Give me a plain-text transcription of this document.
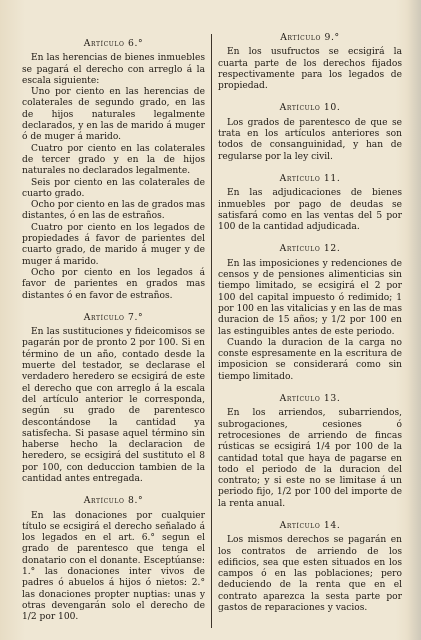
Artículo 6.°

En las herencias de bienes inmuebles se pagará el derecho con arreglo á la escala siguiente:

Uno por ciento en las herencias de colaterales de segundo grado, en las de hijos naturales legalmente declarados, y en las de marido á muger ó de muger á marido.

Cuatro por ciento en las colaterales de tercer grado y en la de hijos naturales no declarados legalmente.

Seis por ciento en las colaterales de cuarto grado.

Ocho por ciento en las de grados mas distantes, ó en las de estraños.

Cuatro por ciento en los legados de propiedades á favor de parientes del cuarto grado, de marido á muger y de muger á marido.

Ocho por ciento en los legados á favor de parientes en grados mas distantes ó en favor de estraños.

Artículo 7.°

En las sustituciones y fideicomisos se pagarán por de pronto 2 por 100. Si en término de un año, contado desde la muerte del testador, se declarase el verdadero heredero se ecsigirá de este el derecho que con arreglo á la escala del artículo anterior le corresponda, según su grado de parentesco descontándose la cantidad ya satisfecha. Si pasase aquel término sin haberse hecho la declaracion de heredero, se ecsigirá del sustituto el 8 por 100, con deduccion tambien de la cantidad antes entregada.

Artículo 8.°

En las donaciones por cualquier título se ecsigirá el derecho señalado á los legados en el art. 6.° segun el grado de parentesco que tenga el donatario con el donante. Esceptúanse: 1.° las donaciones inter vivos de padres ó abuelos á hijos ó nietos: 2.° las donaciones propter nuptias: unas y otras devengarán solo el derecho de 1/2 por 100.

Artículo 9.°

En los usufructos se ecsigirá la cuarta parte de los derechos fijados respectivamente para los legados de propiedad.

Artículo 10.

Los grados de parentesco de que se trata en los artículos anteriores son todos de consanguinidad, y han de regularse por la ley civil.

Artículo 11.

En las adjudicaciones de bienes inmuebles por pago de deudas se satisfará como en las ventas del 5 por 100 de la cantidad adjudicada.

Artículo 12.

En las imposiciones y redenciones de censos y de pensiones alimenticias sin tiempo limitado, se ecsigirá el 2 por 100 del capital impuesto ó redimido; 1 por 100 en las vitalicias y en las de mas duracion de 15 años; y 1/2 por 100 en las estinguibles antes de este periodo.

Cuando la duracion de la carga no conste espresamente en la escritura de imposicion se considerará como sin tiempo limitado.

Artículo 13.

En los arriendos, subarriendos, subrogaciones, cesiones ó retrocesiones de arriendo de fincas rústicas se ecsigirá 1/4 por 100 de la cantidad total que haya de pagarse en todo el periodo de la duracion del contrato; y si este no se limitase á un periodo fijo, 1/2 por 100 del importe de la renta anual.

Artículo 14.

Los mismos derechos se pagarán en los contratos de arriendo de los edificios, sea que esten situados en los campos ó en las poblaciones; pero deduciendo de la renta que en el contrato aparezca la sesta parte por gastos de reparaciones y vacios.
